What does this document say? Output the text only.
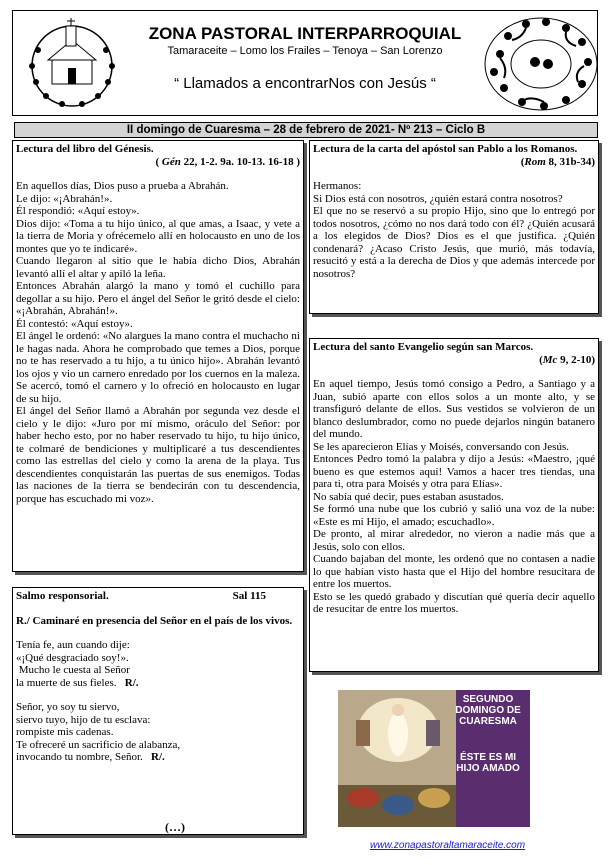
ZONA PASTORAL INTERPARROQUIAL
Tamaraceite – Lomo los Frailes – Tenoya – San Lorenzo
“ Llamados a encontrarNos con Jesús “
II domingo de Cuaresma – 28 de febrero de 2021- Nº 213 – Ciclo B

Lectura del libro del Génesis.

( Gén 22, 1-2. 9a. 10-13. 16-18 )

En aquellos días, Dios puso a prueba a Abrahán.

Le dijo: «¡Abrahán!».

Él respondió: «Aquí estoy».

Dios dijo: «Toma a tu hijo único, al que amas, a Isaac, y vete a la tierra de Moria y ofrécemelo allí en holocausto en uno de los montes que yo te indicaré».

Cuando llegaron al sitio que le había dicho Dios, Abrahán levantó allí el altar y apiló la leña.

Entonces Abrahán alargó la mano y tomó el cuchillo para degollar a su hijo. Pero el ángel del Señor le gritó desde el cielo: «¡Abrahán, Abrahán!».

Él contestó: «Aquí estoy».

El ángel le ordenó: «No alargues la mano contra el muchacho ni le hagas nada. Ahora he comprobado que temes a Dios, porque no te has reservado a tu hijo, a tu único hijo». Abrahán levantó los ojos y vio un carnero enredado por los cuernos en la maleza. Se acercó, tomó el carnero y lo ofreció en holocausto en lugar de su hijo.

El ángel del Señor llamó a Abrahán por segunda vez desde el cielo y le dijo: «Juro por mí mismo, oráculo del Señor: por haber hecho esto, por no haber reservado tu hijo, tu hijo único, te colmaré de bendiciones y multiplicaré a tus descendientes como las estrellas del cielo y como la arena de la playa. Tus descendientes conquistarán las puertas de sus enemigos. Todas las naciones de la tierra se bendecirán con tu descendencia, porque has escuchado mi voz».

Lectura de la carta del apóstol san Pablo a los Romanos.

(Rom 8, 31b-34)

Hermanos:

Si Dios está con nosotros, ¿quién estará contra nosotros?

El que no se reservó a su propio Hijo, sino que lo entregó por todos nosotros, ¿cómo no nos dará todo con él? ¿Quién acusará a los elegidos de Dios? Dios es el que justifica. ¿Quién condenará? ¿Acaso Cristo Jesús, que murió, más todavía, resucitó y está a la derecha de Dios y que además intercede por nosotros?

Lectura del santo Evangelio según san Marcos.

(Mc 9, 2-10)

En aquel tiempo, Jesús tomó consigo a Pedro, a Santiago y a Juan, subió aparte con ellos solos a un monte alto, y se transfiguró delante de ellos. Sus vestidos se volvieron de un blanco deslumbrador, como no puede dejarlos ningún batanero del mundo.

Se les aparecieron Elías y Moisés, conversando con Jesús.

Entonces Pedro tomó la palabra y dijo a Jesús: «Maestro, ¡qué bueno es que estemos aquí! Vamos a hacer tres tiendas, una para ti, otra para Moisés y otra para Elías».

No sabía qué decir, pues estaban asustados.

Se formó una nube que los cubrió y salió una voz de la nube: «Este es mi Hijo, el amado; escuchadlo».

De pronto, al mirar alrededor, no vieron a nadie más que a Jesús, solo con ellos.

Cuando bajaban del monte, les ordenó que no contasen a nadie lo que habían visto hasta que el Hijo del hombre resucitara de entre los muertos.

Esto se les quedó grabado y discutían qué quería decir aquello de resucitar de entre los muertos.

Salmo responsorial.	Sal 115

R./ Caminaré en presencia del Señor en el país de los vivos.

Tenía fe, aun cuando dije:
«¡Qué desgraciado soy!».
Mucho le cuesta al Señor
la muerte de sus fieles. R/.
Señor, yo soy tu siervo,
siervo tuyo, hijo de tu esclava:
rompiste mis cadenas.
Te ofreceré un sacrificio de alabanza,
invocando tu nombre, Señor. R/.
(…)
SEGUNDO DOMINGO DE CUARESMA
ÉSTE ES MI HIJO AMADO
www.zonapastoraltamaraceite.com
